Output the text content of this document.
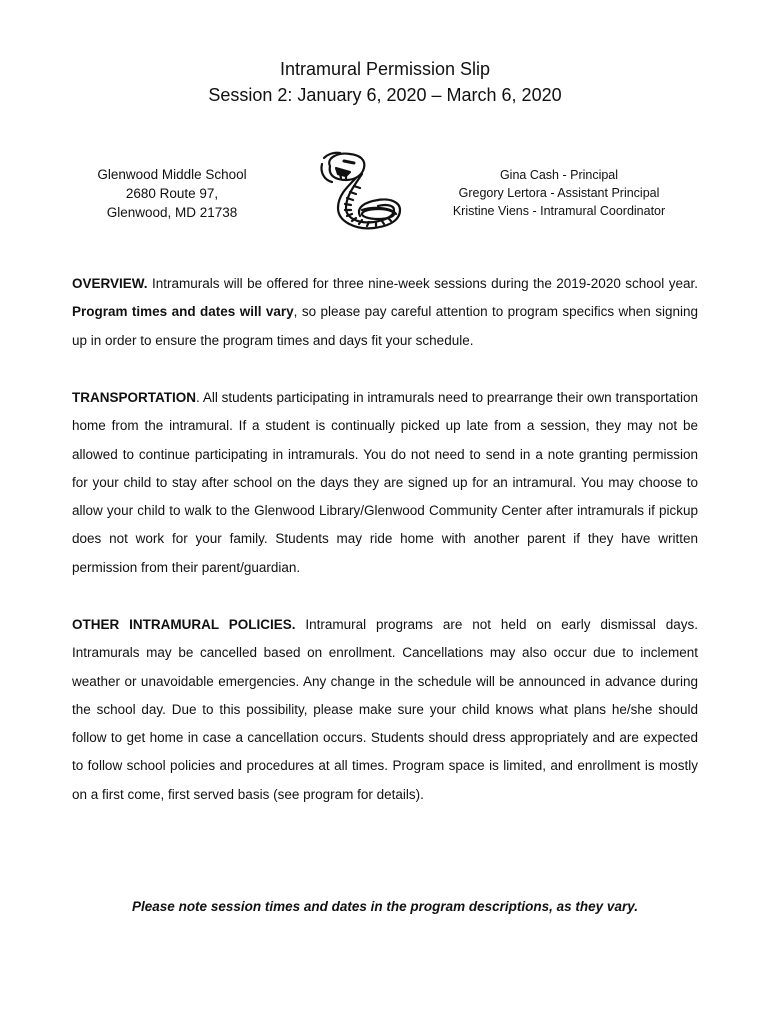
Intramural Permission Slip
Session 2: January 6, 2020 – March 6, 2020
Glenwood Middle School
2680 Route 97,
Glenwood, MD 21738
Gina Cash - Principal
Gregory Lertora - Assistant Principal
Kristine Viens - Intramural Coordinator

OVERVIEW. Intramurals will be offered for three nine-week sessions during the 2019-2020 school year. Program times and dates will vary, so please pay careful attention to program specifics when signing up in order to ensure the program times and days fit your schedule.

TRANSPORTATION. All students participating in intramurals need to prearrange their own transportation home from the intramural. If a student is continually picked up late from a session, they may not be allowed to continue participating in intramurals. You do not need to send in a note granting permission for your child to stay after school on the days they are signed up for an intramural. You may choose to allow your child to walk to the Glenwood Library/Glenwood Community Center after intramurals if pickup does not work for your family. Students may ride home with another parent if they have written permission from their parent/guardian.

OTHER INTRAMURAL POLICIES. Intramural programs are not held on early dismissal days. Intramurals may be cancelled based on enrollment. Cancellations may also occur due to inclement weather or unavoidable emergencies. Any change in the schedule will be announced in advance during the school day. Due to this possibility, please make sure your child knows what plans he/she should follow to get home in case a cancellation occurs. Students should dress appropriately and are expected to follow school policies and procedures at all times. Program space is limited, and enrollment is mostly on a first come, first served basis (see program for details).

Please note session times and dates in the program descriptions, as they vary.
